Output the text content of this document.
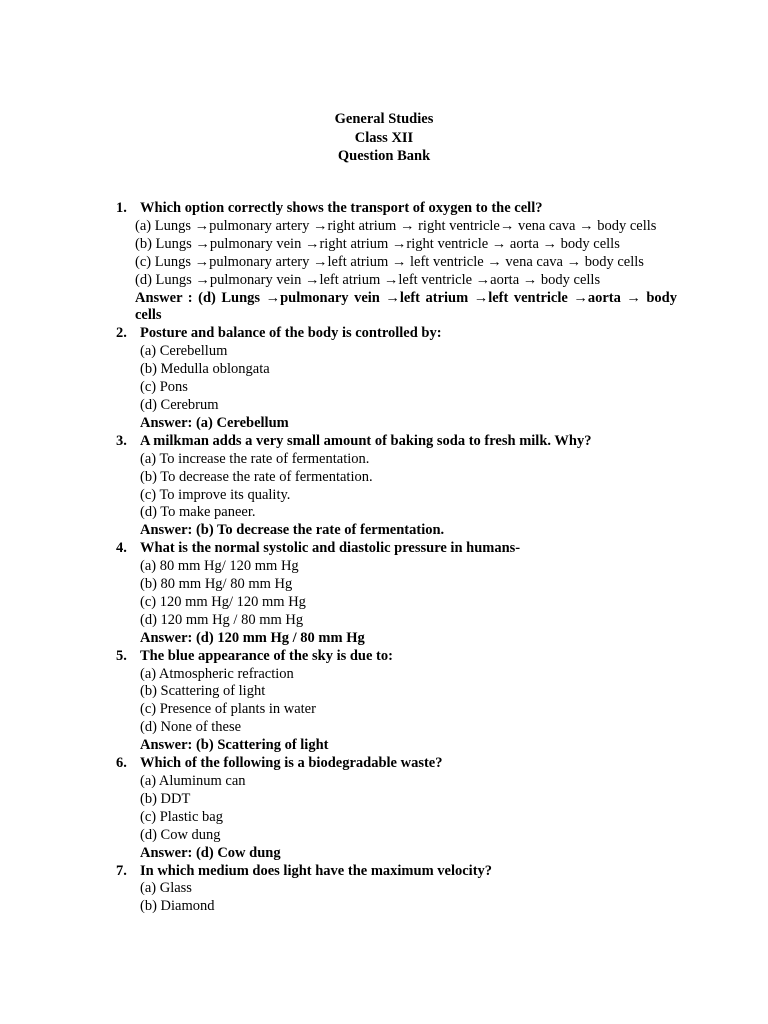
General Studies
Class XII
Question Bank
1. Which option correctly shows the transport of oxygen to the cell?
(a) Lungs →pulmonary artery →right atrium → right ventricle→ vena cava → body cells
(b) Lungs →pulmonary vein →right atrium →right ventricle → aorta → body cells
(c) Lungs →pulmonary artery →left atrium → left ventricle → vena cava → body cells
(d) Lungs →pulmonary vein →left atrium →left ventricle →aorta → body cells
Answer : (d) Lungs →pulmonary vein →left atrium →left ventricle →aorta → body cells
2. Posture and balance of the body is controlled by:
(a) Cerebellum
(b) Medulla oblongata
(c) Pons
(d) Cerebrum
Answer: (a) Cerebellum
3. A milkman adds a very small amount of baking soda to fresh milk. Why?
(a) To increase the rate of fermentation.
(b) To decrease the rate of fermentation.
(c) To improve its quality.
(d) To make paneer.
Answer: (b) To decrease the rate of fermentation.
4. What is the normal systolic and diastolic pressure in humans-
(a) 80 mm Hg/ 120 mm Hg
(b) 80 mm Hg/ 80 mm Hg
(c) 120 mm Hg/ 120 mm Hg
(d) 120 mm Hg / 80 mm Hg
Answer: (d) 120 mm Hg / 80 mm Hg
5. The blue appearance of the sky is due to:
(a) Atmospheric refraction
(b) Scattering of light
(c) Presence of plants in water
(d) None of these
Answer: (b) Scattering of light
6. Which of the following is a biodegradable waste?
(a) Aluminum can
(b) DDT
(c) Plastic bag
(d) Cow dung
Answer: (d) Cow dung
7. In which medium does light have the maximum velocity?
(a) Glass
(b) Diamond
